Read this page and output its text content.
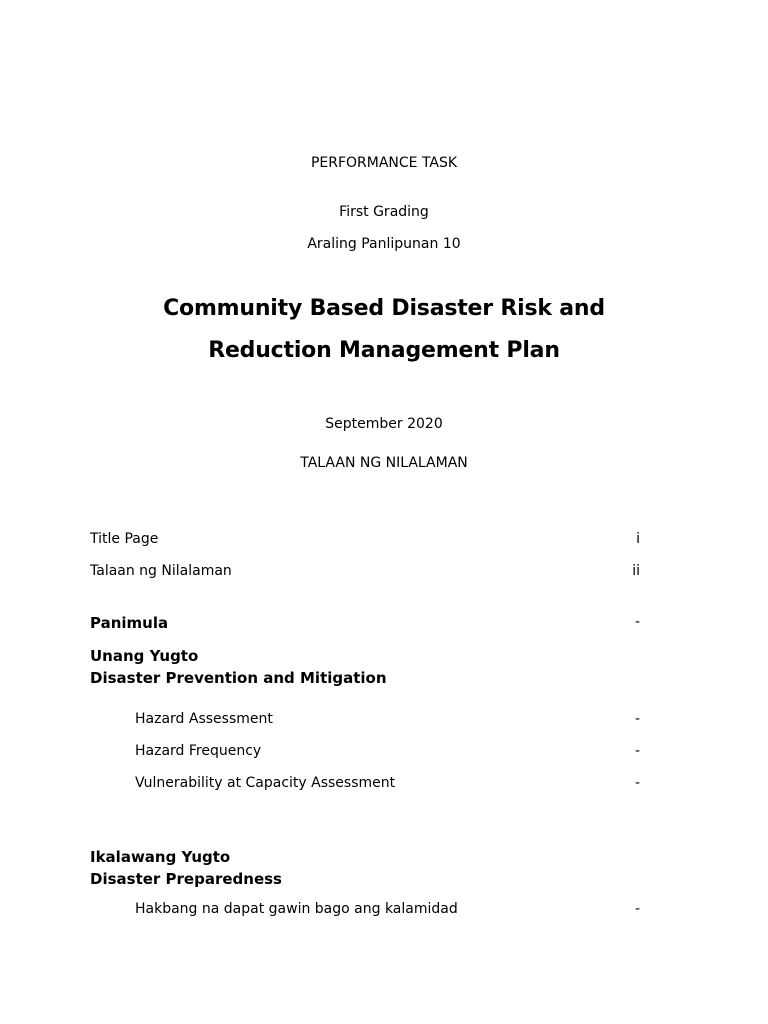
PERFORMANCE TASK
First Grading
Araling Panlipunan 10
Community Based Disaster Risk and
Reduction Management Plan
September 2020
TALAAN NG NILALAMAN
Title Page	i
Talaan ng Nilalaman	ii
Panimula	-
Unang Yugto
Disaster Prevention and Mitigation
Hazard Assessment	-
Hazard Frequency	-
Vulnerability at Capacity Assessment	-
Ikalawang Yugto
Disaster Preparedness
Hakbang na dapat gawin bago ang kalamidad	-
